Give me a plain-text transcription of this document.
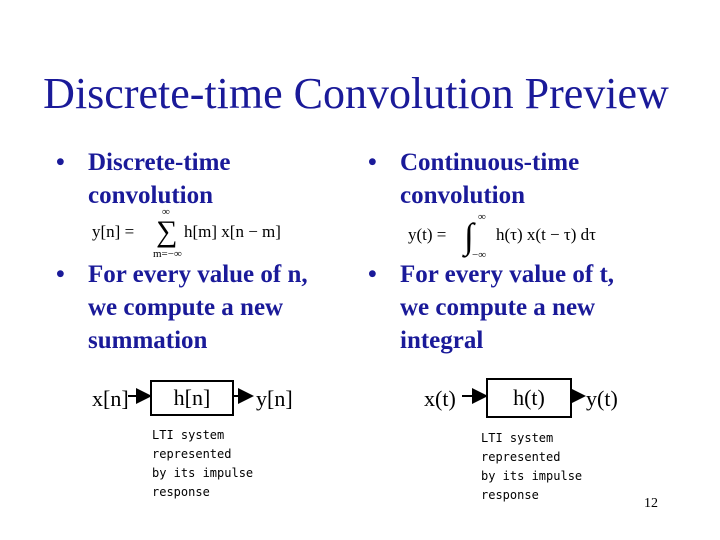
Discrete-time Convolution Preview
• Discrete-time
convolution
y[n] = ∑
∞
m=−∞
h[m] x[n − m]
• For every value of n,
we compute a new
summation
x[n]	h[n]	y[n]
LTI system
represented
by its impulse
response
• Continuous-time
convolution
y(t) = ∫ ∞
−∞
h(τ) x(t − τ) dτ
• For every value of t,
we compute a new
integral
x(t)	h(t)	y(t)
LTI system
represented
by its impulse
response
12
